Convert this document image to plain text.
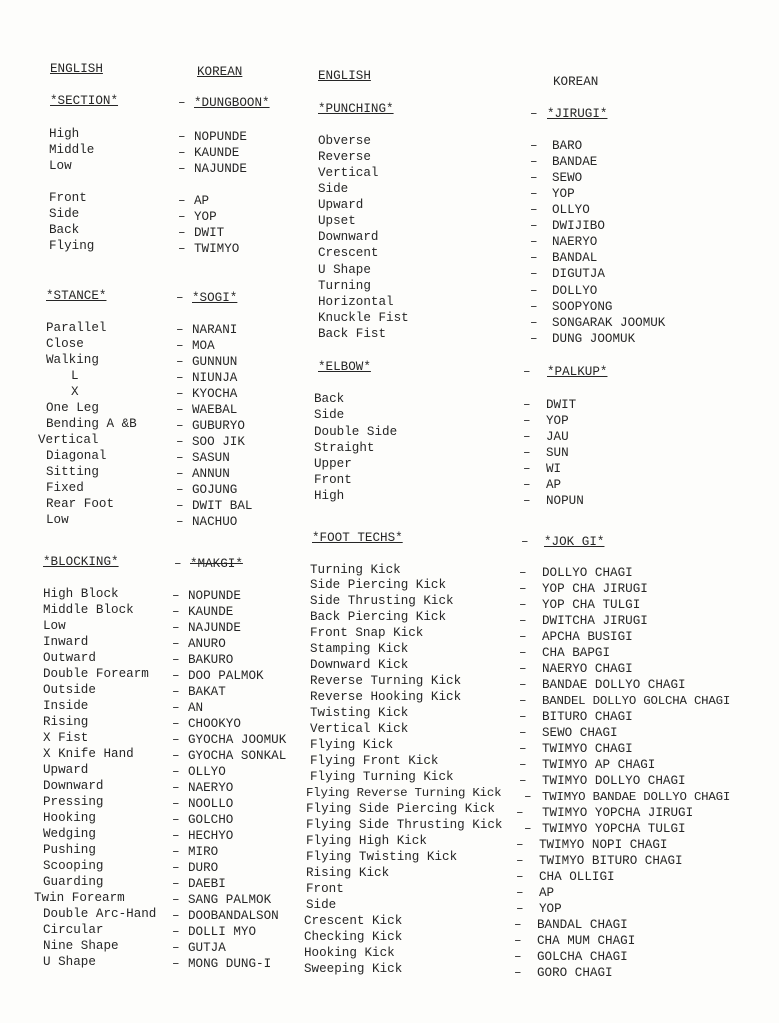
ENGLISH	KOREAN	ENGLISH	KOREAN
*SECTION*	– *DUNGBOON*
High	– NOPUNDE
Middle	– KAUNDE
Low	– NAJUNDE
Front	– AP
Side	– YOP
Back	– DWIT
Flying	– TWIMYO
*STANCE*	– *SOGI*
Parallel	– NARANI
Close	– MOA
Walking	– GUNNUN
L	– NIUNJA
X	– KYOCHA
One Leg	– WAEBAL
Bending A &B	– GUBURYO
Vertical	– SOO JIK
Diagonal	– SASUN
Sitting	– ANNUN
Fixed	– GOJUNG
Rear Foot	– DWIT BAL
Low	– NACHUO
*BLOCKING*	– *MAKGI*
High Block	– NOPUNDE
Middle Block	– KAUNDE
Low	– NAJUNDE
Inward	– ANURO
Outward	– BAKURO
Double Forearm – DOO PALMOK
Outside	– BAKAT
Inside	– AN
Rising	– CHOOKYO
X Fist	– GYOCHA JOOMUK
X Knife Hand	– GYOCHA SONKAL
Upward	– OLLYO
Downward	– NAERYO
Pressing	– NOOLLO
Hooking	– GOLCHO
Wedging	– HECHYO
Pushing	– MIRO
Scooping	– DURO
Guarding	– DAEBI
Twin Forearm	– SANG PALMOK
Double Arc-Hand – DOOBANDALSON
Circular	– DOLLI MYO
Nine Shape	– GUTJA
U Shape	– MONG DUNG-I
*PUNCHING*	– *JIRUGI*
Obverse	– BARO
Reverse	– BANDAE
Vertical	– SEWO
Side	– YOP
Upward	– OLLYO
Upset	– DWIJIBO
Downward	– NAERYO
Crescent	– BANDAL
U Shape	– DIGUTJA
Turning	– DOLLYO
Horizontal	– SOOPYONG
Knuckle Fist	– SONGARAK JOOMUK
Back Fist	– DUNG JOOMUK
*ELBOW*	– *PALKUP*
Back	– DWIT
Side	– YOP
Double Side	– JAU
Straight	– SUN
Upper	– WI
Front	– AP
High	– NOPUN
*FOOT TECHS*	– *JOK GI*
Turning Kick	– DOLLYO CHAGI
Side Piercing Kick	– YOP CHA JIRUGI
Side Thrusting Kick	– YOP CHA TULGI
Back Piercing Kick	– DWITCHA JIRUGI
Front Snap Kick	– APCHA BUSIGI
Stamping Kick	– CHA BAPGI
Downward Kick	– NAERYO CHAGI
Reverse Turning Kick	– BANDAE DOLLYO CHAGI
Reverse Hooking Kick	– BANDEL DOLLYO GOLCHA CHAGI
Twisting Kick	– BITURO CHAGI
Vertical Kick	– SEWO CHAGI
Flying Kick	– TWIMYO CHAGI
Flying Front Kick	– TWIMYO AP CHAGI
Flying Turning Kick	– TWIMYO DOLLYO CHAGI
Flying Reverse Turning Kick – TWIMYO BANDAE DOLLYO CHAGI
Flying Side Piercing Kick – TWIMYO YOPCHA JIRUGI
Flying Side Thrusting Kick – TWIMYO YOPCHA TULGI
Flying High Kick	– TWIMYO NOPI CHAGI
Flying Twisting Kick	– TWIMYO BITURO CHAGI
Rising Kick	– CHA OLLIGI
Front	– AP
Side	– YOP
Crescent Kick	– BANDAL CHAGI
Checking Kick	– CHA MUM CHAGI
Hooking Kick	– GOLCHA CHAGI
Sweeping Kick	– GORO CHAGI
